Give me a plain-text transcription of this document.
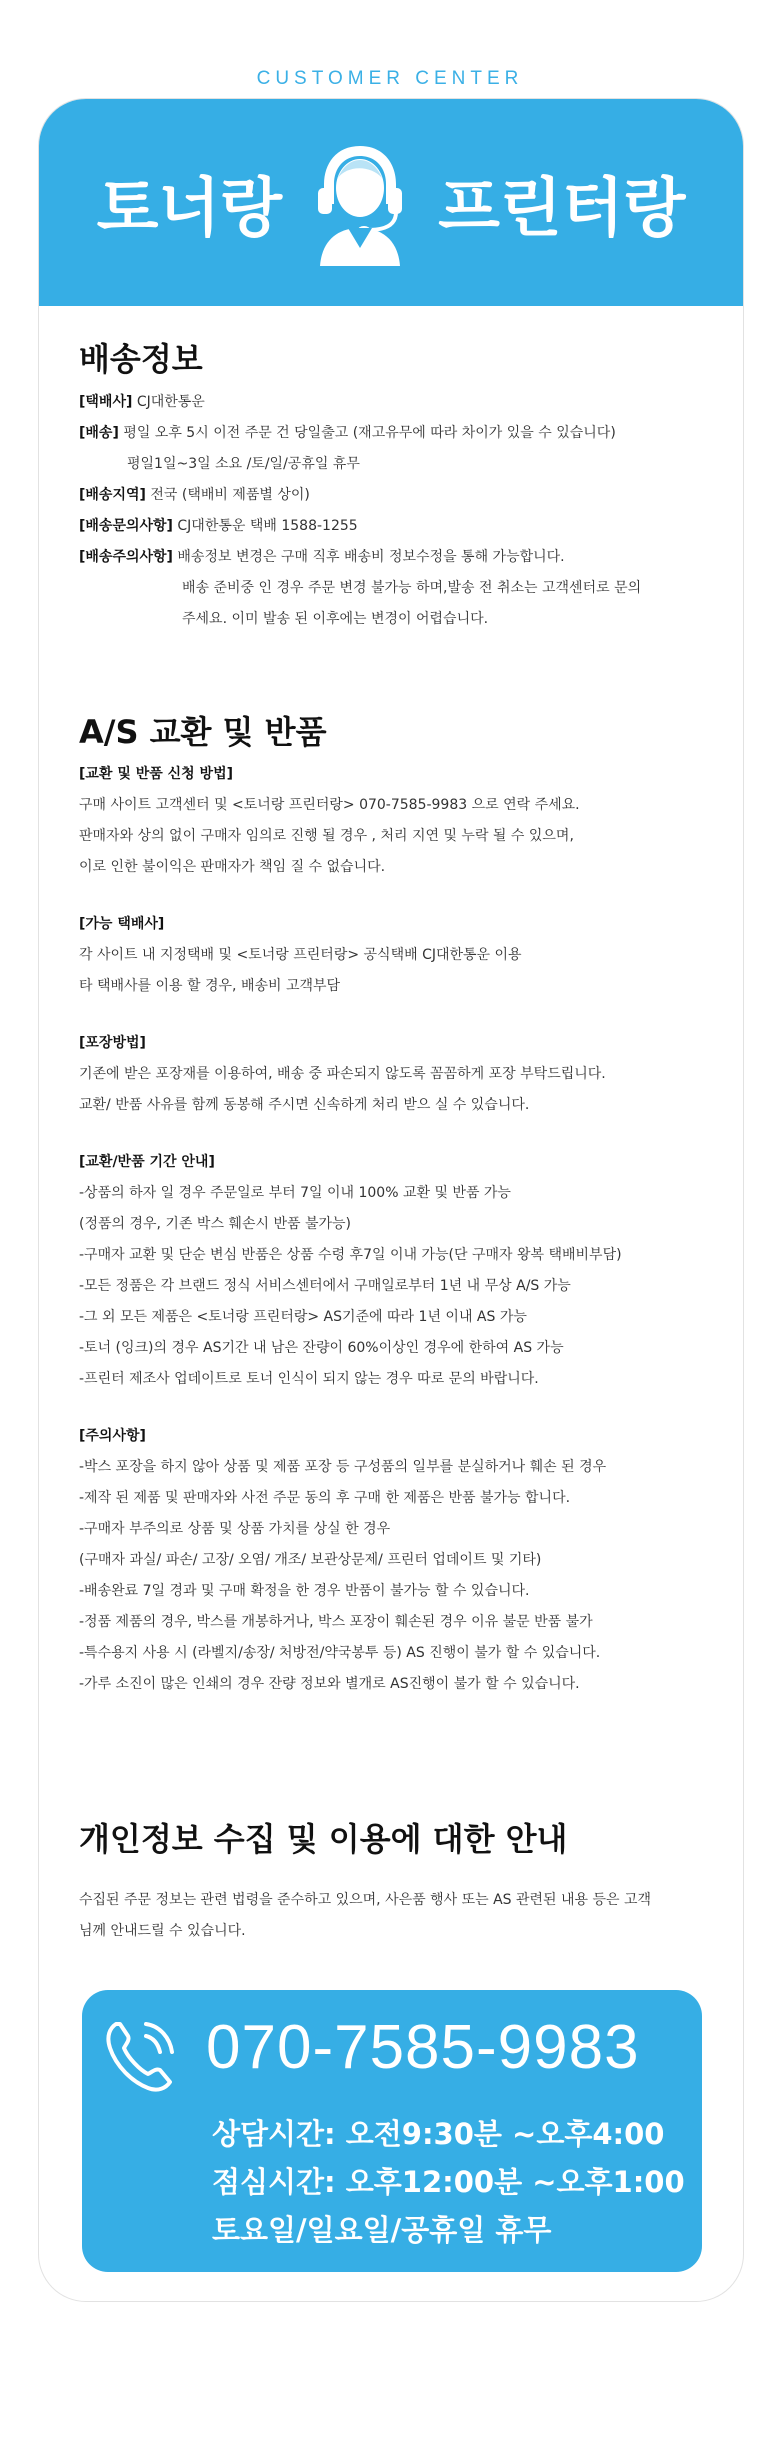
CUSTOMER CENTER
토너랑 프린터랑
배송정보
[택배사] CJ대한통운
[배송] 평일 오후 5시 이전 주문 건 당일출고 (재고유무에 따라 차이가 있을 수 있습니다)
평일1일~3일 소요 /토/일/공휴일 휴무
[배송지역] 전국 (택배비 제품별 상이)
[배송문의사항] CJ대한통운 택배 1588-1255
[배송주의사항] 배송정보 변경은 구매 직후 배송비 정보수정을 통해 가능합니다.
배송 준비중 인 경우 주문 변경 불가능 하며,발송 전 취소는 고객센터로 문의
주세요. 이미 발송 된 이후에는 변경이 어렵습니다.
A/S 교환 및 반품
[교환 및 반품 신청 방법]
구매 사이트 고객센터 및 <토너랑 프린터랑> 070-7585-9983 으로 연락 주세요.
판매자와 상의 없이 구매자 임의로 진행 될 경우 , 처리 지연 및 누락 될 수 있으며,
이로 인한 불이익은 판매자가 책임 질 수 없습니다.
[가능 택배사]
각 사이트 내 지정택배 및 <토너랑 프린터랑> 공식택배 CJ대한통운 이용
타 택배사를 이용 할 경우, 배송비 고객부담
[포장방법]
기존에 받은 포장재를 이용하여, 배송 중 파손되지 않도록 꼼꼼하게 포장 부탁드립니다.
교환/ 반품 사유를 함께 동봉해 주시면 신속하게 처리 받으 실 수 있습니다.
[교환/반품 기간 안내]
-상품의 하자 일 경우 주문일로 부터 7일 이내 100% 교환 및 반품 가능
(정품의 경우, 기존 박스 훼손시 반품 불가능)
-구매자 교환 및 단순 변심 반품은 상품 수령 후7일 이내 가능(단 구매자 왕복 택배비부담)
-모든 정품은 각 브랜드 정식 서비스센터에서 구매일로부터 1년 내 무상 A/S 가능
-그 외 모든 제품은 <토너랑 프린터랑> AS기준에 따라 1년 이내 AS 가능
-토너 (잉크)의 경우 AS기간 내 남은 잔량이 60%이상인 경우에 한하여 AS 가능
-프린터 제조사 업데이트로 토너 인식이 되지 않는 경우 따로 문의 바랍니다.
[주의사항]
-박스 포장을 하지 않아 상품 및 제품 포장 등 구성품의 일부를 분실하거나 훼손 된 경우
-제작 된 제품 및 판매자와 사전 주문 동의 후 구매 한 제품은 반품 불가능 합니다.
-구매자 부주의로 상품 및 상품 가치를 상실 한 경우
(구매자 과실/ 파손/ 고장/ 오염/ 개조/ 보관상문제/ 프린터 업데이트 및 기타)
-배송완료 7일 경과 및 구매 확정을 한 경우 반품이 불가능 할 수 있습니다.
-정품 제품의 경우, 박스를 개봉하거나, 박스 포장이 훼손된 경우 이유 불문 반품 불가
-특수용지 사용 시 (라벨지/송장/ 처방전/약국봉투 등) AS 진행이 불가 할 수 있습니다.
-가루 소진이 많은 인쇄의 경우 잔량 정보와 별개로 AS진행이 불가 할 수 있습니다.
개인정보 수집 및 이용에 대한 안내
수집된 주문 정보는 관련 법령을 준수하고 있으며, 사은품 행사 또는 AS 관련된 내용 등은 고객
님께 안내드릴 수 있습니다.
070-7585-9983
상담시간: 오전9:30분 ~오후4:00
점심시간: 오후12:00분 ~오후1:00
토요일/일요일/공휴일 휴무
